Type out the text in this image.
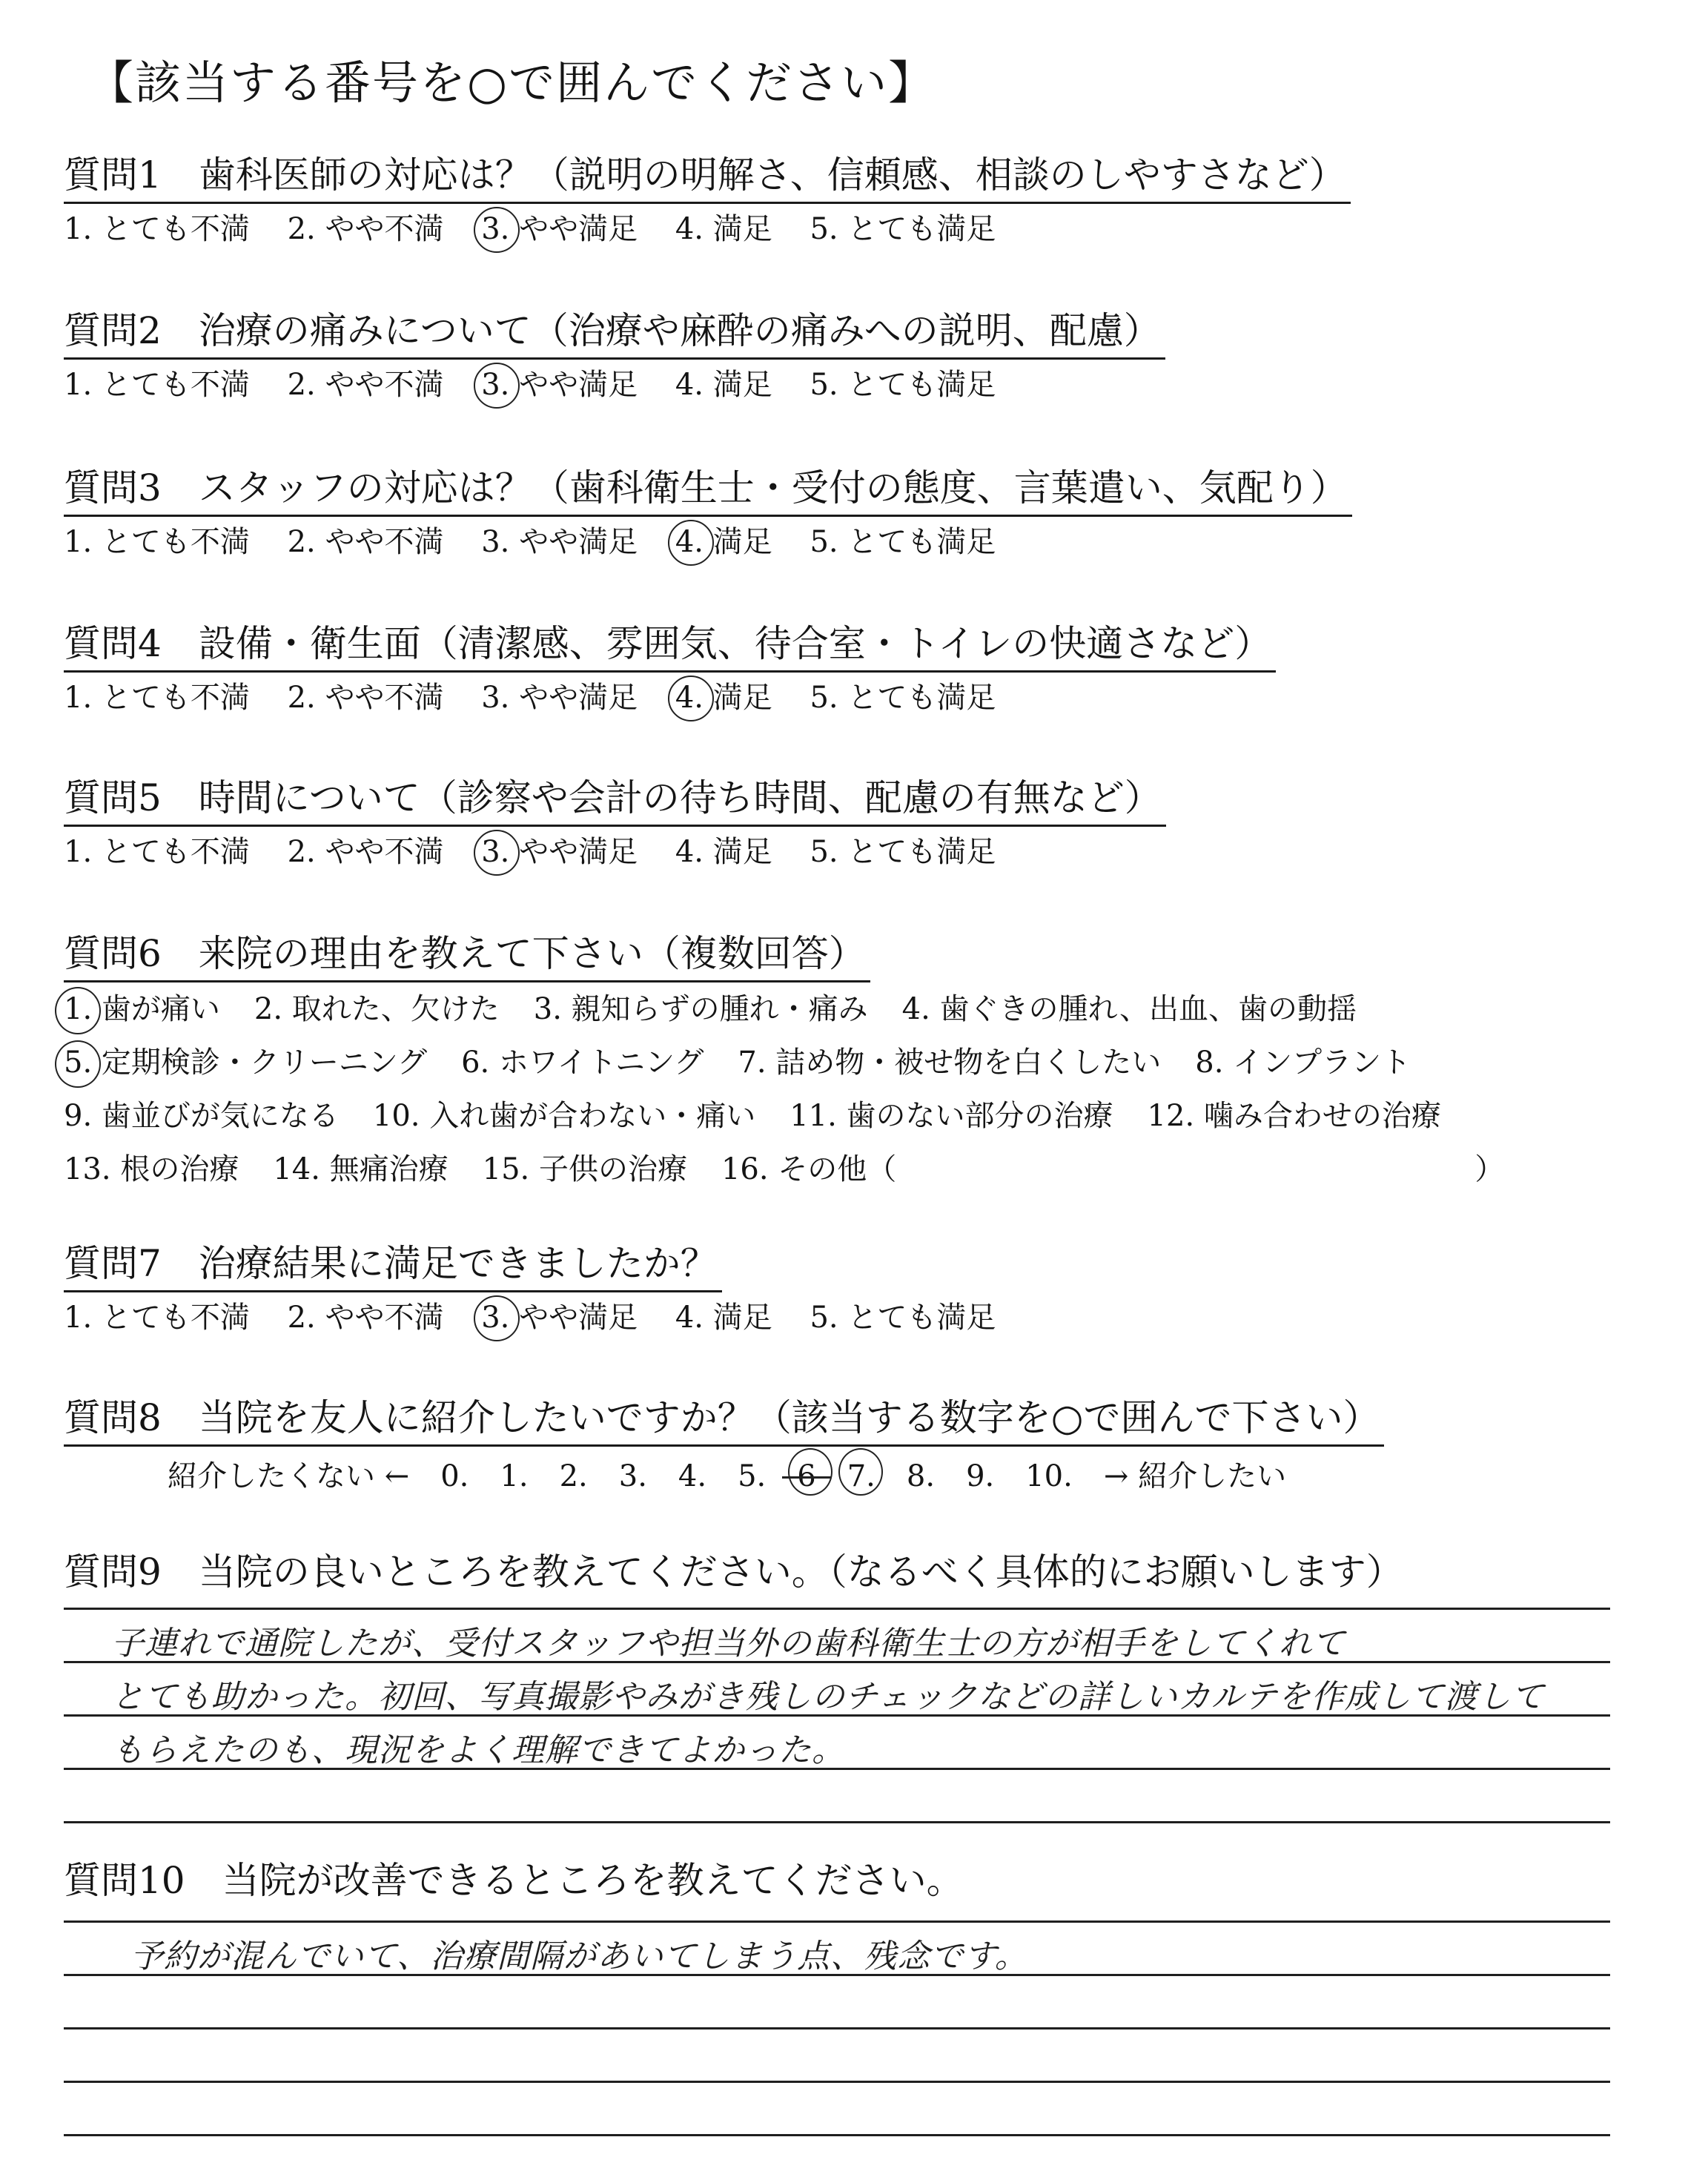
【該当する番号を○で囲んでください】
質問1　歯科医師の対応は？（説明の明解さ、信頼感、相談のしやすさなど）
1. とても不満 2. やや不満 3. やや満足 4. 満足 5. とても満足
質問2　治療の痛みについて（治療や麻酔の痛みへの説明、配慮）
1. とても不満 2. やや不満 3. やや満足 4. 満足 5. とても満足
質問3　スタッフの対応は？（歯科衛生士・受付の態度、言葉遣い、気配り）
1. とても不満 2. やや不満 3. やや満足 4. 満足 5. とても満足
質問4　設備・衛生面（清潔感、雰囲気、待合室・トイレの快適さなど）
1. とても不満 2. やや不満 3. やや満足 4. 満足 5. とても満足
質問5　時間について（診察や会計の待ち時間、配慮の有無など）
1. とても不満 2. やや不満 3. やや満足 4. 満足 5. とても満足
質問6　来院の理由を教えて下さい（複数回答）
1. 歯が痛い 2. 取れた、欠けた 3. 親知らずの腫れ・痛み 4. 歯ぐきの腫れ、出血、歯の動揺
5. 定期検診・クリーニング 6. ホワイトニング 7. 詰め物・被せ物を白くしたい 8. インプラント
9. 歯並びが気になる 10. 入れ歯が合わない・痛い 11. 歯のない部分の治療 12. 噛み合わせの治療
13. 根の治療 14. 無痛治療 15. 子供の治療 16. その他（	）
質問7　治療結果に満足できましたか？
1. とても不満 2. やや不満 3. やや満足 4. 満足 5. とても満足
質問8　当院を友人に紹介したいですか？（該当する数字を○で囲んで下さい）
紹介したくない ← 0. 1. 2. 3. 4. 5. 6 7. 8. 9. 10. → 紹介したい
質問9　当院の良いところを教えてください。（なるべく具体的にお願いします）
子連れで通院したが、受付スタッフや担当外の歯科衛生士の方が相手をしてくれて
とても助かった。初回、写真撮影やみがき残しのチェックなどの詳しいカルテを作成して渡して
もらえたのも、現況をよく理解できてよかった。
質問10　当院が改善できるところを教えてください。
予約が混んでいて、治療間隔があいてしまう点、残念です。
